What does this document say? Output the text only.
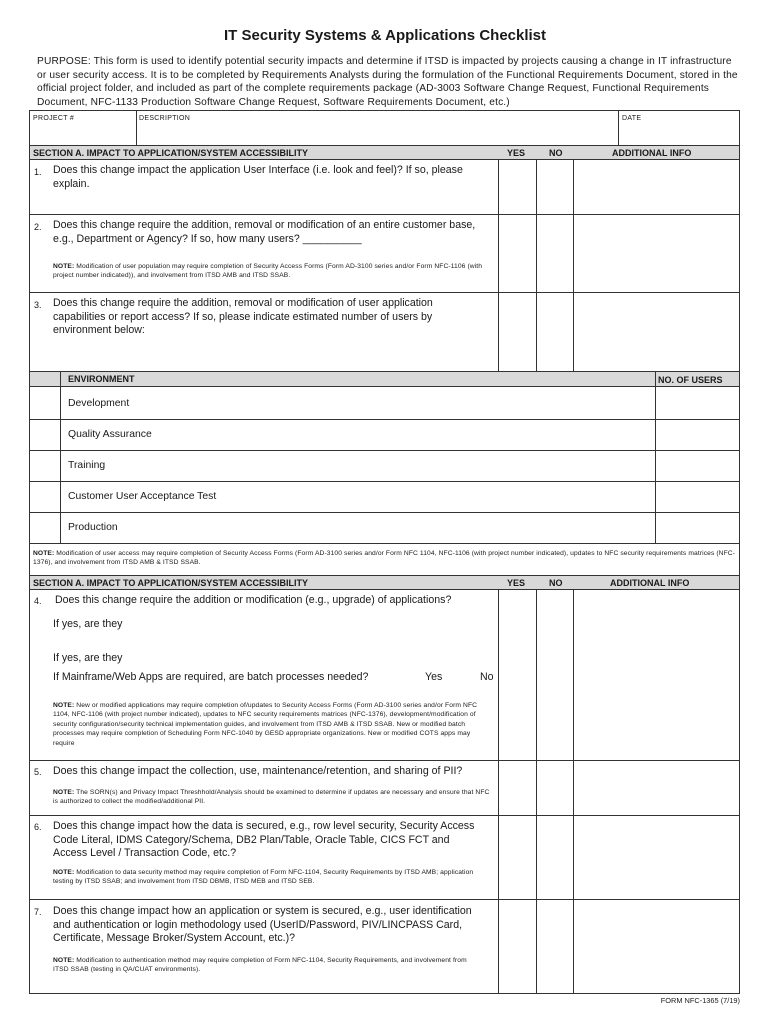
IT Security Systems & Applications Checklist
PURPOSE: This form is used to identify potential security impacts and determine if ITSD is impacted by projects causing a change in IT infrastructure or user security access. It is to be completed by Requirements Analysts during the formulation of the Functional Requirements Document, stored in the official project folder, and included as part of the complete requirements package (AD-3003 Software Change Request, Functional Requirements Document, NFC-1133 Production Software Change Request, Software Requirements Document, etc.)
PROJECT #	DESCRIPTION	DATE
SECTION A. IMPACT TO APPLICATION/SYSTEM ACCESSIBILITY	YES	NO	ADDITIONAL INFO
1. Does this change impact the application User Interface (i.e. look and feel)? If so, please explain.
2. Does this change require the addition, removal or modification of an entire customer base, e.g., Department or Agency? If so, how many users? __________
NOTE: Modification of user population may require completion of Security Access Forms (Form AD-3100 series and/or Form NFC-1106 (with project number indicated)), and involvement from ITSD AMB and ITSD SSAB.
3. Does this change require the addition, removal or modification of user application capabilities or report access? If so, please indicate estimated number of users by environment below:
ENVIRONMENT	NO. OF USERS
Development
Quality Assurance
Training
Customer User Acceptance Test
Production
NOTE: Modification of user access may require completion of Security Access Forms (Form AD-3100 series and/or Form NFC 1104, NFC-1106 (with project number indicated), updates to NFC security requirements matrices (NFC-1376), and involvement from ITSD AMB & ITSD SSAB.
SECTION A. IMPACT TO APPLICATION/SYSTEM ACCESSIBILITY	YES	NO	ADDITIONAL INFO
4. Does this change require the addition or modification (e.g., upgrade) of applications?
If yes, are they
If yes, are they
If Mainframe/Web Apps are required, are batch processes needed?	Yes	No
NOTE: New or modified applications may require completion of/updates to Security Access Forms (Form AD-3100 series and/or Form NFC 1104, NFC-1106 (with project number indicated), updates to NFC security requirements matrices (NFC-1376), development/modification of security configuration/security technical implementation guides, and involvement from ITSD AMB & ITSD SSAB. New or modified batch processes may require completion of Scheduling Form NFC-1040 by GESD appropriate organizations. New or modified COTS apps may require
5. Does this change impact the collection, use, maintenance/retention, and sharing of PII?
NOTE: The SORN(s) and Privacy Impact Threshhold/Analysis should be examined to determine if updates are necessary and ensure that NFC is authorized to collect the modified/additional PII.
6. Does this change impact how the data is secured, e.g., row level security, Security Access Code Literal, IDMS Category/Schema, DB2 Plan/Table, Oracle Table, CICS FCT and Access Level / Transaction Code, etc.?
NOTE: Modification to data security method may require completion of Form NFC-1104, Security Requirements by ITSD AMB; application testing by ITSD SSAB; and involvement from ITSD DBMB, ITSD MEB and ITSD SEB.
7. Does this change impact how an application or system is secured, e.g., user identification and authentication or login methodology used (UserID/Password, PIV/LINCPASS Card, Certificate, Message Broker/System Account, etc.)?
NOTE: Modification to authentication method may require completion of Form NFC-1104, Security Requirements, and involvement from ITSD SSAB (testing in QA/CUAT environments).
FORM NFC-1365 (7/19)
